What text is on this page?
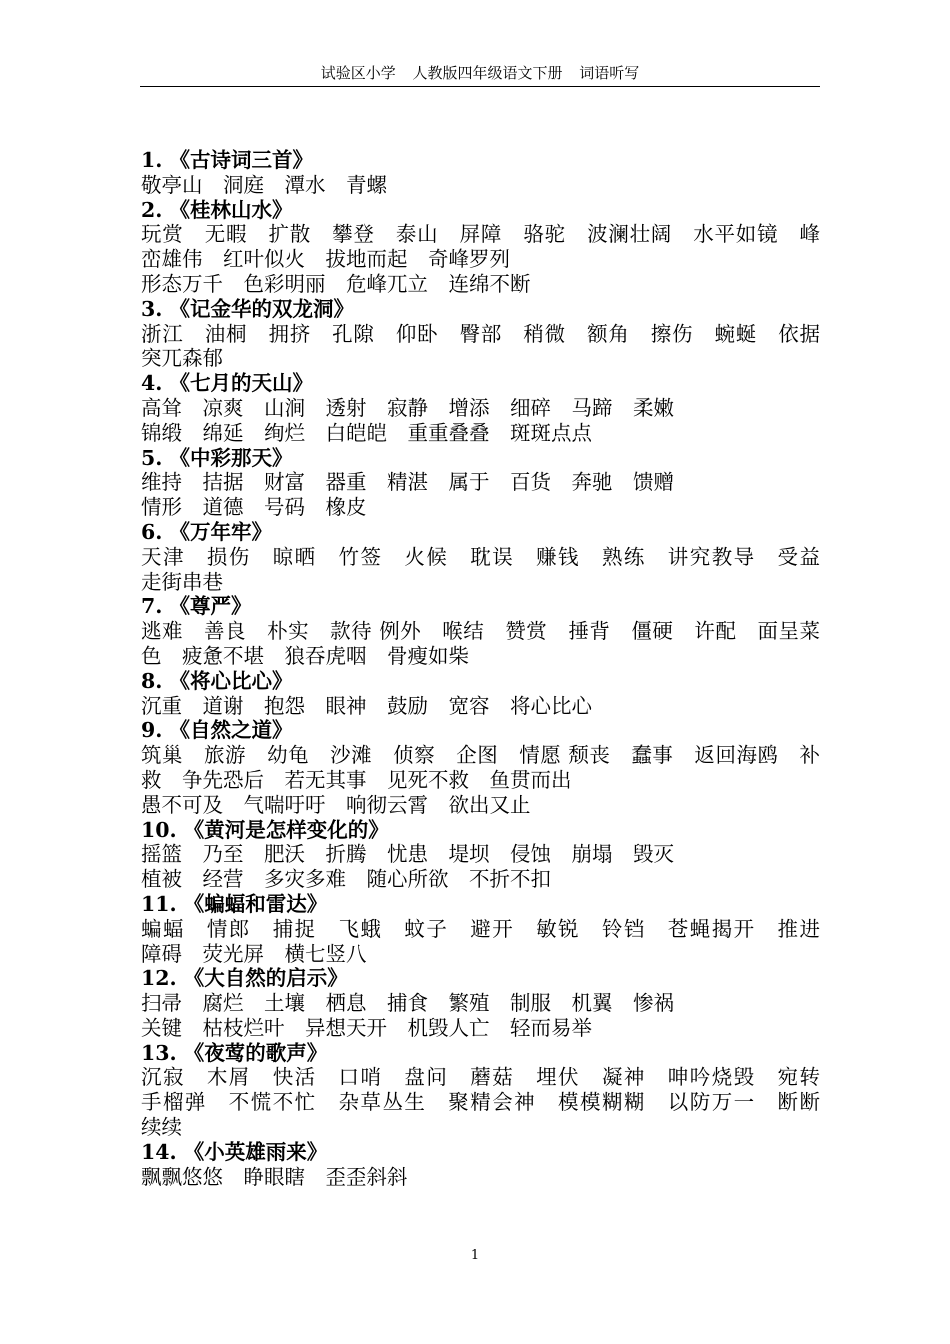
试验区小学 人教版四年级语文下册 词语听写
1. 《古诗词三首》
敬亭山　洞庭　潭水　青螺
2. 《桂林山水》
玩赏　无暇　扩散　攀登　泰山　屏障　骆驼　波澜壮阔　水平如镜　峰
峦雄伟　红叶似火　拔地而起　奇峰罗列
形态万千　色彩明丽　危峰兀立　连绵不断
3. 《记金华的双龙洞》
浙江　油桐　拥挤　孔隙　仰卧　臀部　稍微　额角　擦伤　蜿蜒　依据
突兀森郁
4. 《七月的天山》
高耸　凉爽　山涧　透射　寂静　增添　细碎　马蹄　柔嫩
锦缎　绵延　绚烂　白皑皑　重重叠叠　斑斑点点
5. 《中彩那天》
维持　拮据　财富　器重　精湛　属于　百货　奔驰　馈赠
情形　道德　号码　橡皮
6. 《万年牢》
天津　损伤　晾晒　竹签　火候　耽误　赚钱　熟练　讲究教导　受益
走街串巷
7. 《尊严》
逃难　善良　朴实　款待 例外　喉结　赞赏　捶背　僵硬　许配　面呈菜
色　疲惫不堪　狼吞虎咽　骨瘦如柴
8. 《将心比心》
沉重　道谢　抱怨　眼神　鼓励　宽容　将心比心
9. 《自然之道》
筑巢　旅游　幼龟　沙滩　侦察　企图　情愿 颓丧　蠢事　返回海鸥　补
救　争先恐后　若无其事　见死不救　鱼贯而出
愚不可及　气喘吁吁　响彻云霄　欲出又止
10. 《黄河是怎样变化的》
摇篮　乃至　肥沃　折腾　忧患　堤坝　侵蚀　崩塌　毁灭
植被　经营　多灾多难　随心所欲　不折不扣
11. 《蝙蝠和雷达》
蝙蝠　情郎　捕捉　飞蛾　蚊子　避开　敏锐　铃铛　苍蝇揭开　推进
障碍　荧光屏　横七竖八
12. 《大自然的启示》
扫帚　腐烂　土壤　栖息　捕食　繁殖　制服　机翼　惨祸
关键　枯枝烂叶　异想天开　机毁人亡　轻而易举
13. 《夜莺的歌声》
沉寂　木屑　快活　口哨　盘问　蘑菇　埋伏　凝神　呻吟烧毁　宛转
手榴弹　不慌不忙　杂草丛生　聚精会神　模模糊糊　以防万一　断断
续续
14. 《小英雄雨来》
飘飘悠悠　睁眼瞎　歪歪斜斜
1
